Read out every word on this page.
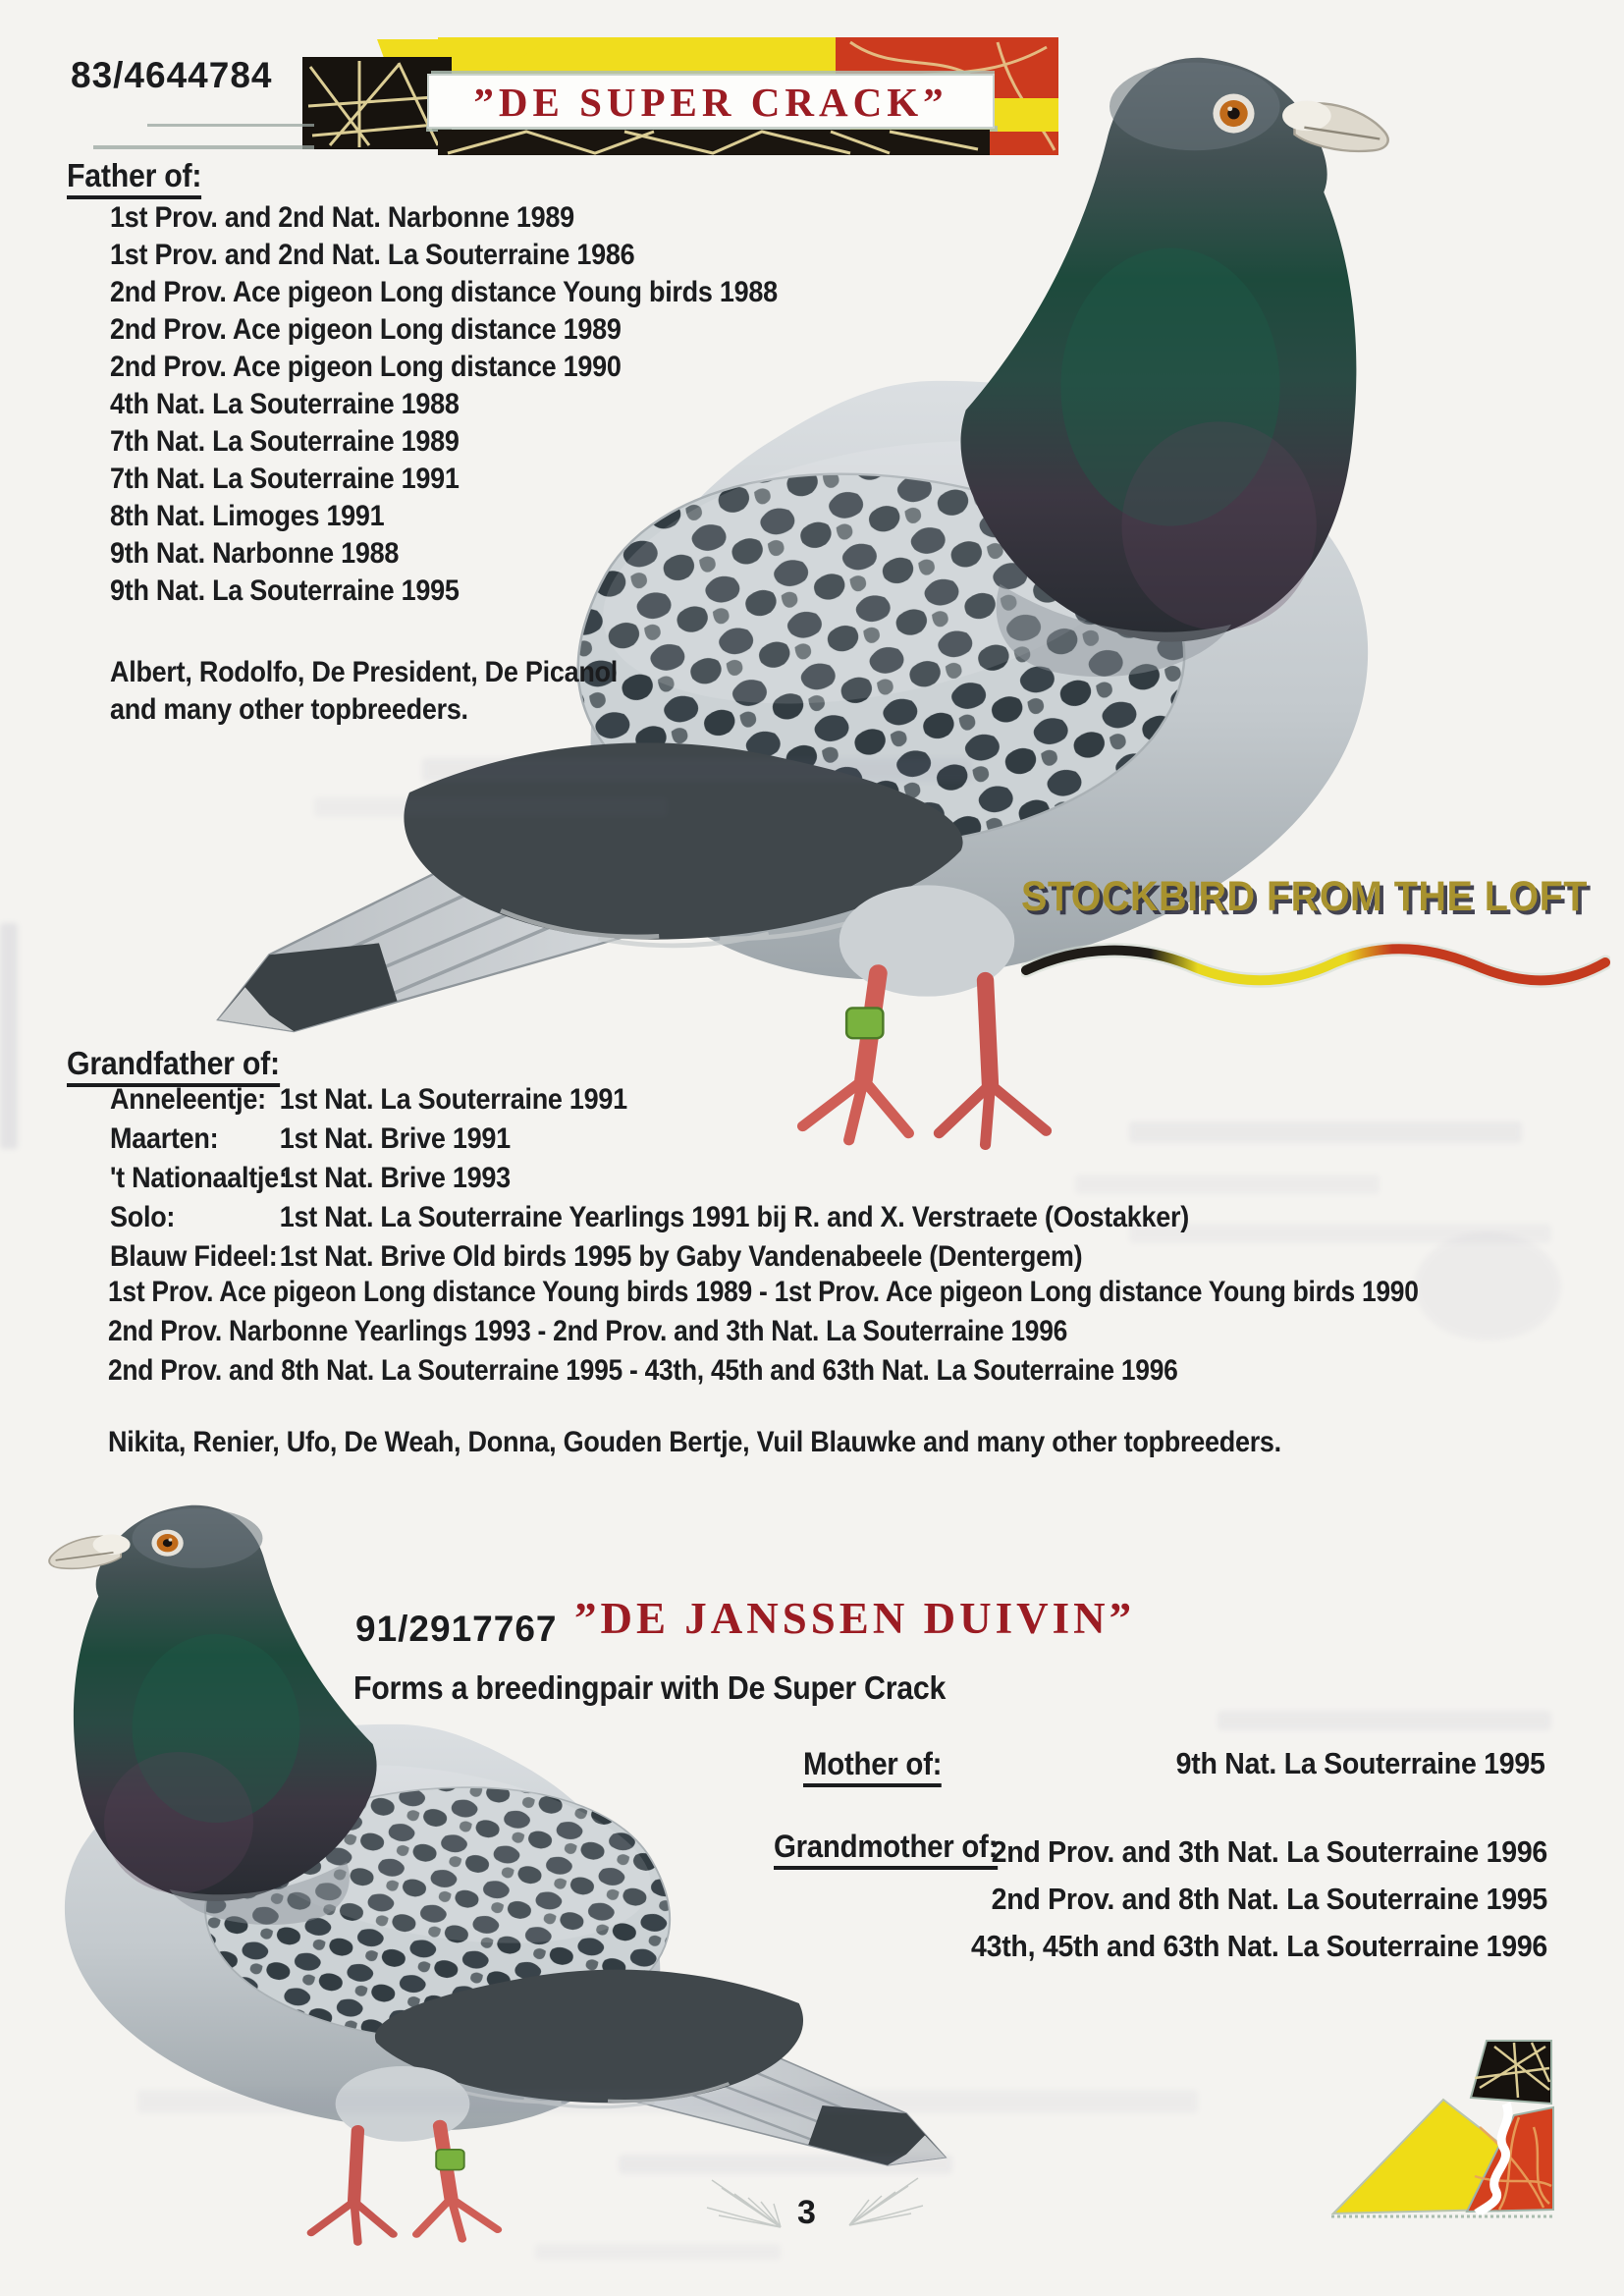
83/4644784
”DE SUPER CRACK”
Father of:
1st Prov. and 2nd Nat. Narbonne 1989
1st Prov. and 2nd Nat. La Souterraine 1986
2nd Prov. Ace pigeon Long distance Young birds 1988
2nd Prov. Ace pigeon Long distance 1989
2nd Prov. Ace pigeon Long distance 1990
4th Nat. La Souterraine 1988
7th Nat. La Souterraine 1989
7th Nat. La Souterraine 1991
8th Nat. Limoges 1991
9th Nat. Narbonne 1988
9th Nat. La Souterraine 1995
Albert, Rodolfo, De President, De Picanol
and many other topbreeders.
STOCKBIRD FROM THE LOFT
Grandfather of:
Anneleentje: 1st Nat. La Souterraine 1991
Maarten:	1st Nat. Brive 1991
't Nationaaltje:
1st Nat. Brive 1993
Solo:	1st Nat. La Souterraine Yearlings 1991 bij R. and X. Verstraete (Oostakker)
Blauw Fideel: 1st Nat. Brive Old birds 1995 by Gaby Vandenabeele (Dentergem)
1st Prov. Ace pigeon Long distance Young birds 1989 - 1st Prov. Ace pigeon Long distance Young birds 1990
2nd Prov. Narbonne Yearlings 1993 - 2nd Prov. and 3th Nat. La Souterraine 1996
2nd Prov. and 8th Nat. La Souterraine 1995 - 43th, 45th and 63th Nat. La Souterraine 1996
Nikita, Renier, Ufo, De Weah, Donna, Gouden Bertje, Vuil Blauwke and many other topbreeders.
91/2917767 ”DE JANSSEN DUIVIN”
Forms a breedingpair with De Super Crack
Mother of:	9th Nat. La Souterraine 1995
Grandmother of:
2nd Prov. and 3th Nat. La Souterraine 1996
2nd Prov. and 8th Nat. La Souterraine 1995
43th, 45th and 63th Nat. La Souterraine 1996
3
